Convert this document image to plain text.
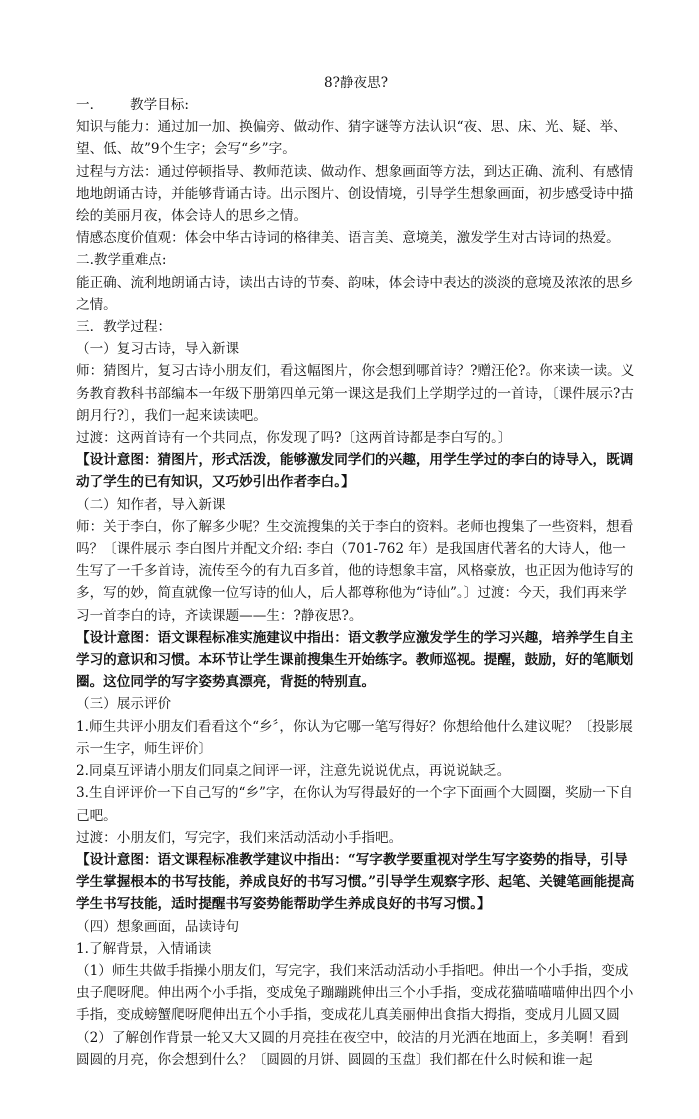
8?静夜思?

一． 教学目标:

知识与能力：通过加一加、换偏旁、做动作、猜字谜等方法认识“夜、思、床、光、疑、举、望、低、故”9个生字；会写“乡”字。

过程与方法：通过停顿指导、教师范读、做动作、想象画面等方法，到达正确、流利、有感情地地朗诵古诗，并能够背诵古诗。出示图片、创设情境，引导学生想象画面，初步感受诗中描绘的美丽月夜，体会诗人的思乡之情。

情感态度价值观：体会中华古诗词的格律美、语言美、意境美，激发学生对古诗词的热爱。

二.教学重难点:

能正确、流利地朗诵古诗，读出古诗的节奏、韵味，体会诗中表达的淡淡的意境及浓浓的思乡之情。

三．教学过程：

（一）复习古诗，导入新课

师：猜图片，复习古诗小朋友们，看这幅图片，你会想到哪首诗？?赠汪伦?。你来读一读。义务教育教科书部编本一年级下册第四单元第一课这是我们上学期学过的一首诗，〔课件展示?古朗月行?〕，我们一起来读读吧。

过渡：这两首诗有一个共同点，你发现了吗?〔这两首诗都是李白写的。〕

【设计意图：猜图片，形式活泼，能够激发同学们的兴趣，用学生学过的李白的诗导入，既调动了学生的已有知识，又巧妙引出作者李白。】

（二）知作者，导入新课

师：关于李白，你了解多少呢？生交流搜集的关于李白的资料。老师也搜集了一些资料，想看吗？〔课件展示 李白图片并配文介绍: 李白（701-762 年）是我国唐代著名的大诗人，他一生写了一千多首诗，流传至今的有九百多首，他的诗想象丰富，风格豪放，也正因为他诗写的多，写的妙，简直就像一位写诗的仙人，后人都尊称他为“诗仙”。〕过渡：今天，我们再来学习一首李白的诗，齐读课题——生：?静夜思?。

【设计意图：语文课程标准实施建议中指出：语文教学应激发学生的学习兴趣，培养学生自主学习的意识和习惯。本环节让学生课前搜集生开始练字。教师巡视。提醒，鼓励，好的笔顺划圈。这位同学的写字姿势真漂亮，背挺的特别直。

（三）展示评价

1.师生共评小朋友们看看这个“乡〞，你认为它哪一笔写得好？你想给他什么建议呢？〔投影展示一生字，师生评价〕

2.同桌互评请小朋友们同桌之间评一评，注意先说说优点，再说说缺乏。

3.生自评评价一下自己写的“乡”字，在你认为写得最好的一个字下面画个大圆圈，奖励一下自己吧。

过渡：小朋友们，写完字，我们来活动活动小手指吧。

【设计意图：语文课程标准教学建议中指出：“写字教学要重视对学生写字姿势的指导，引导学生掌握根本的书写技能，养成良好的书写习惯。”引导学生观察字形、起笔、关键笔画能提高学生书写技能，适时提醒书写姿势能帮助学生养成良好的书写习惯。】

（四）想象画面，品读诗句

1.了解背景，入情诵读

（1）师生共做手指操小朋友们，写完字，我们来活动活动小手指吧。伸出一个小手指，变成虫子爬呀爬。伸出两个小手指，变成兔子蹦蹦跳伸出三个小手指，变成花猫喵喵喵伸出四个小手指，变成螃蟹爬呀爬伸出五个小手指，变成花儿真美丽伸出食指大拇指，变成月儿圆又圆

（2）了解创作背景一轮又大又圆的月亮挂在夜空中，皎洁的月光洒在地面上，多美啊！看到圆圆的月亮，你会想到什么？〔圆圆的月饼、圆圆的玉盘〕我们都在什么时候和谁一起
